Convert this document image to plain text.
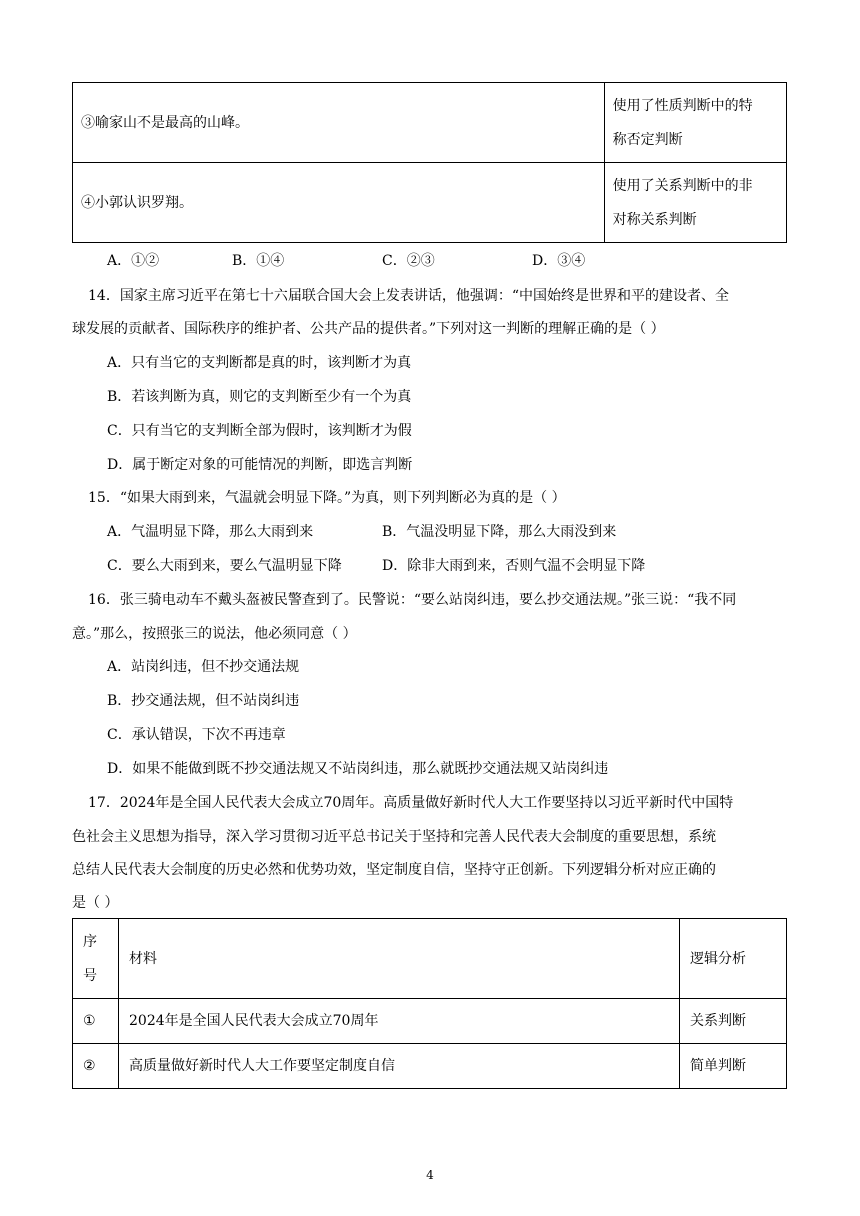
③喻家山不是最高的山峰。	使用了性质判断中的特
称否定判断

④小郭认识罗翔。	使用了关系判断中的非
对称关系判断
A．①②	B．①④	C．②③	D．③④
14．国家主席习近平在第七十六届联合国大会上发表讲话，他强调：“中国始终是世界和平的建设者、全
球发展的贡献者、国际秩序的维护者、公共产品的提供者。”下列对这一判断的理解正确的是（ ）
A．只有当它的支判断都是真的时，该判断才为真
B．若该判断为真，则它的支判断至少有一个为真
C．只有当它的支判断全部为假时，该判断才为假
D．属于断定对象的可能情况的判断，即选言判断
15．“如果大雨到来，气温就会明显下降。”为真，则下列判断必为真的是（ ）
A．气温明显下降，那么大雨到来	B．气温没明显下降，那么大雨没到来
C．要么大雨到来，要么气温明显下降	D．除非大雨到来，否则气温不会明显下降
16．张三骑电动车不戴头盔被民警查到了。民警说：“要么站岗纠违，要么抄交通法规。”张三说：“我不同
意。”那么，按照张三的说法，他必须同意（ ）
A．站岗纠违，但不抄交通法规
B．抄交通法规，但不站岗纠违
C．承认错误，下次不再违章
D．如果不能做到既不抄交通法规又不站岗纠违，那么就既抄交通法规又站岗纠违
17．2024年是全国人民代表大会成立70周年。高质量做好新时代人大工作要坚持以习近平新时代中国特
色社会主义思想为指导，深入学习贯彻习近平总书记关于坚持和完善人民代表大会制度的重要思想，系统
总结人民代表大会制度的历史必然和优势功效，坚定制度自信，坚持守正创新。下列逻辑分析对应正确的
是（ ）
序
号	材料	逻辑分析
①	2024年是全国人民代表大会成立70周年	关系判断
②	高质量做好新时代人大工作要坚定制度自信	简单判断
4
